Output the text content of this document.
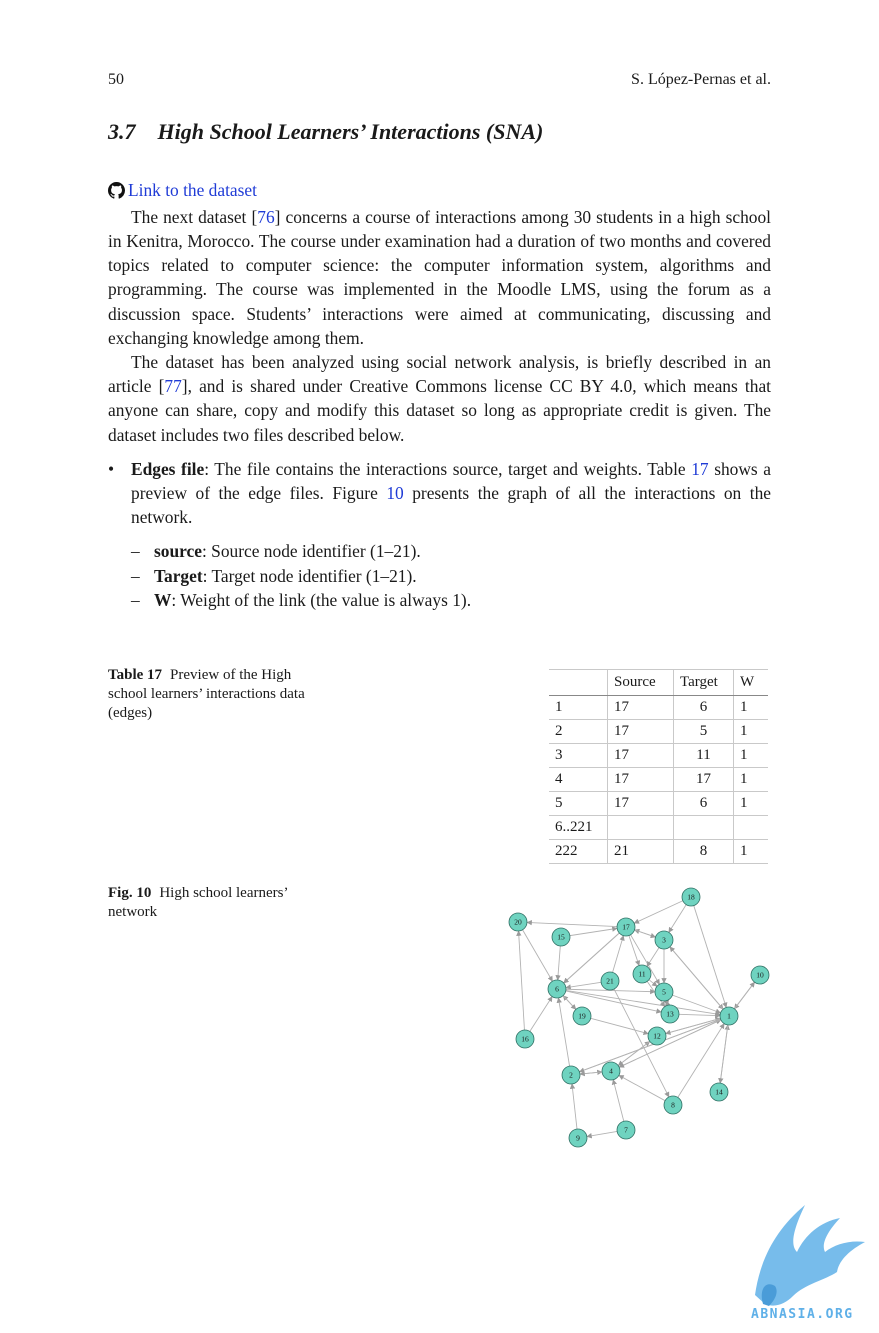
50	S. López-Pernas et al.
3.7 High School Learners’ Interactions (SNA)
Link to the dataset

The next dataset [76] concerns a course of interactions among 30 students in a high school in Kenitra, Morocco. The course under examination had a duration of two months and covered topics related to computer science: the computer information system, algorithms and programming. The course was implemented in the Moodle LMS, using the forum as a discussion space. Students’ interactions were aimed at communicating, discussing and exchanging knowledge among them.

The dataset has been analyzed using social network analysis, is briefly described in an article [77], and is shared under Creative Commons license CC BY 4.0, which means that anyone can share, copy and modify this dataset so long as appropriate credit is given. The dataset includes two files described below.

• Edges file: The file contains the interactions source, target and weights. Table 17 shows a preview of the edge files. Figure 10 presents the graph of all the interactions on the network.
– source: Source node identifier (1–21).
– Target: Target node identifier (1–21).
– W: Weight of the link (the value is always 1).
Table 17 Preview of the High school learners’ interactions data (edges)
	Source	Target	W
1	17	6	1
2	17	5	1
3	17	11	1
4	17	17	1
5	17	6	1
6..221			
222	21	8	1
Fig. 10 High school learners’ network
18
20
15
17
3
11
21
10
6	5
19	13	1
12
16
4
2
14
8
7
9
ABNASIA.ORG
